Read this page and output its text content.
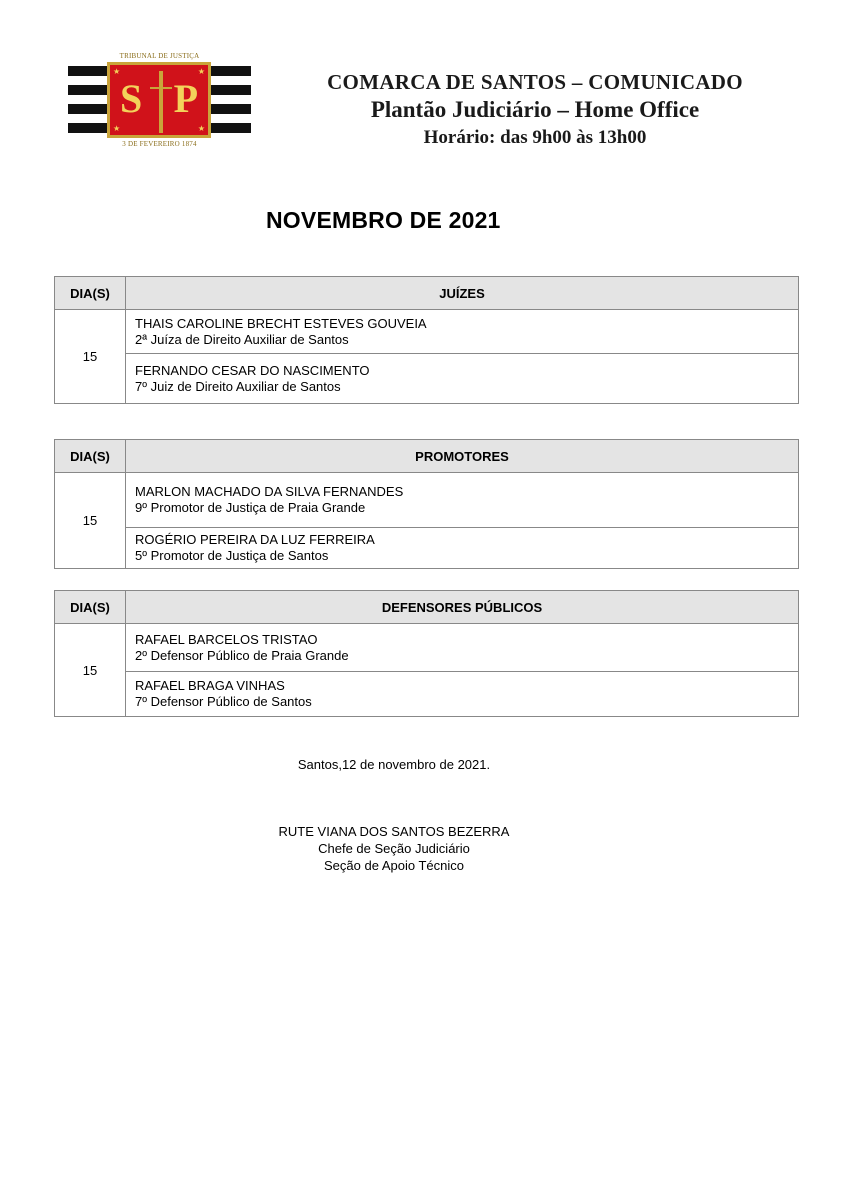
TRIBUNAL DE JUSTIÇA
S P
★	★
★	★
3 DE FEVEREIRO 1874
COMARCA DE SANTOS – COMUNICADO
Plantão Judiciário – Home Office
Horário: das 9h00 às 13h00
NOVEMBRO DE 2021
DIA(S)	JUÍZES
15	THAIS CAROLINE BRECHT ESTEVES GOUVEIA
2ª Juíza de Direito Auxiliar de Santos

	FERNANDO CESAR DO NASCIMENTO
7º Juiz de Direito Auxiliar de Santos
DIA(S)	PROMOTORES
15	MARLON MACHADO DA SILVA FERNANDES
9º Promotor de Justiça de Praia Grande

	ROGÉRIO PEREIRA DA LUZ FERREIRA
5º Promotor de Justiça de Santos
DIA(S)	DEFENSORES PÚBLICOS
15	RAFAEL BARCELOS TRISTAO
2º Defensor Público de Praia Grande

	RAFAEL BRAGA VINHAS
7º Defensor Público de Santos
Santos,12 de novembro de 2021.
RUTE VIANA DOS SANTOS BEZERRA
Chefe de Seção Judiciário
Seção de Apoio Técnico
